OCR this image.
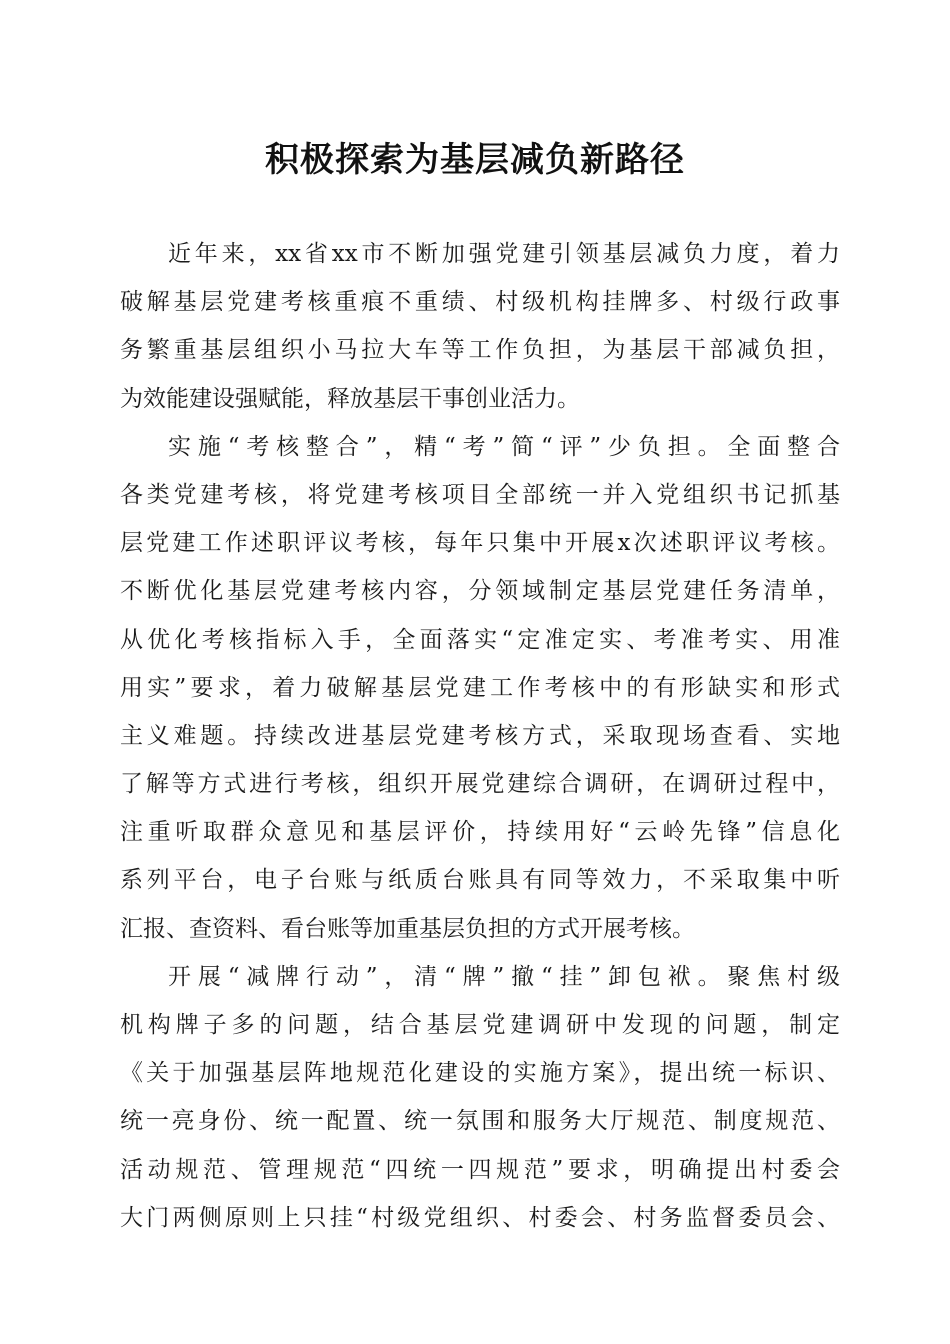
积极探索为基层减负新路径
近年来，xx省xx市不断加强党建引领基层减负力度，着力
破解基层党建考核重痕不重绩、村级机构挂牌多、村级行政事
务繁重基层组织小马拉大车等工作负担，为基层干部减负担，
为效能建设强赋能，释放基层干事创业活力。
实施“考核整合”，精“考”简“评”少负担。全面整合
各类党建考核，将党建考核项目全部统一并入党组织书记抓基
层党建工作述职评议考核，每年只集中开展x次述职评议考核。
不断优化基层党建考核内容，分领域制定基层党建任务清单，
从优化考核指标入手，全面落实“定准定实、考准考实、用准
用实”要求，着力破解基层党建工作考核中的有形缺实和形式
主义难题。持续改进基层党建考核方式，采取现场查看、实地
了解等方式进行考核，组织开展党建综合调研，在调研过程中，
注重听取群众意见和基层评价，持续用好“云岭先锋”信息化
系列平台，电子台账与纸质台账具有同等效力，不采取集中听
汇报、查资料、看台账等加重基层负担的方式开展考核。
开展“减牌行动”，清“牌”撤“挂”卸包袱。聚焦村级
机构牌子多的问题，结合基层党建调研中发现的问题，制定
《关于加强基层阵地规范化建设的实施方案》，提出统一标识、
统一亮身份、统一配置、统一氛围和服务大厅规范、制度规范、
活动规范、管理规范“四统一四规范”要求，明确提出村委会
大门两侧原则上只挂“村级党组织、村委会、村务监督委员会、
